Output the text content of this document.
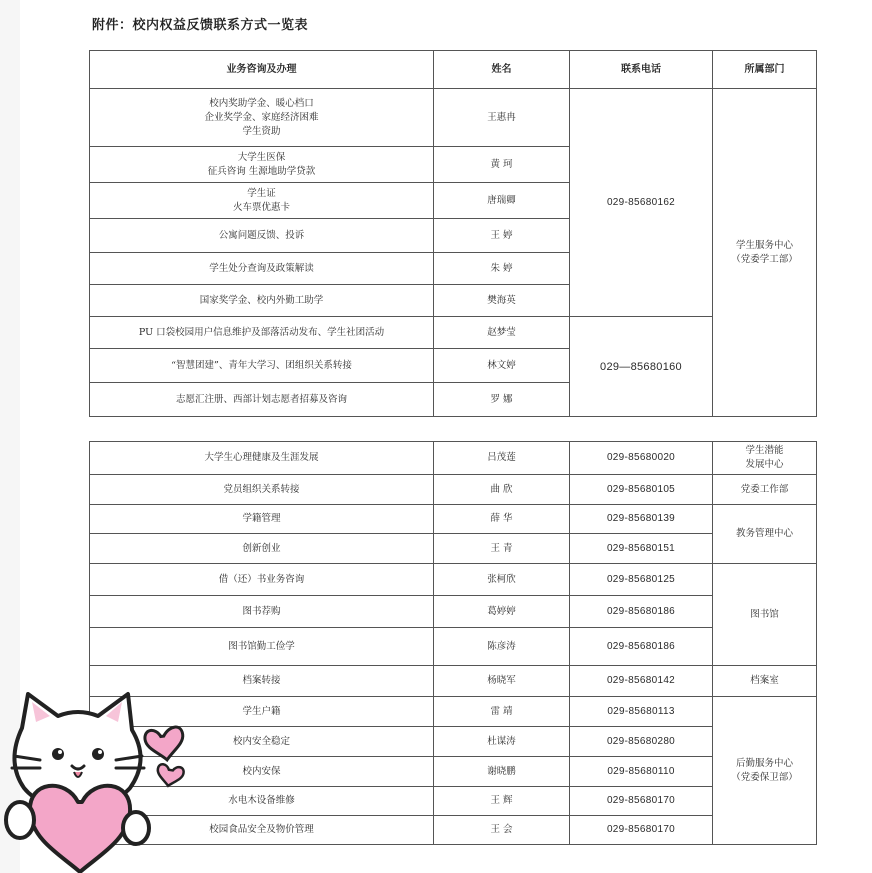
附件：校内权益反馈联系方式一览表
业务咨询及办理	姓名	联系电话	所属部门

校内奖助学金、暖心档口
企业奖学金、家庭经济困难
学生资助	王惠冉	029-85680162	学生服务中心
（党委学工部）

大学生医保
征兵咨询 生源地助学贷款	黄 珂		

学生证
火车票优惠卡	唐瑞卿		
公寓问题反馈、投诉	王 婷		
学生处分查询及政策解读	朱 婷		
国家奖学金、校内外勤工助学	樊海英		
PU 口袋校园用户信息维护及部落活动发布、学生社团活动	赵梦莹	029—85680160	
“智慧团建”、青年大学习、团组织关系转接	林文婷		
志愿汇注册、西部计划志愿者招募及咨询	罗 娜		
大学生心理健康及生涯发展	吕茂莲	029-85680020	学生潜能
发展中心

党员组织关系转接	曲 欣	029-85680105	党委工作部
学籍管理	薛 华	029-85680139	教务管理中心
创新创业	王 青	029-85680151	
借（还）书业务咨询	张柯欣	029-85680125	图书馆
图书荐购	葛婷婷	029-85680186	
图书馆勤工俭学	陈彦涛	029-85680186	
档案转接	杨晓军	029-85680142	档案室
学生户籍	雷 靖	029-85680113	后勤服务中心
（党委保卫部）

校内安全稳定	杜谋涛	029-85680280	
校内安保	谢晓鹏	029-85680110	
水电木设备维修	王 辉	029-85680170	
校园食品安全及物价管理	王 会	029-85680170	
